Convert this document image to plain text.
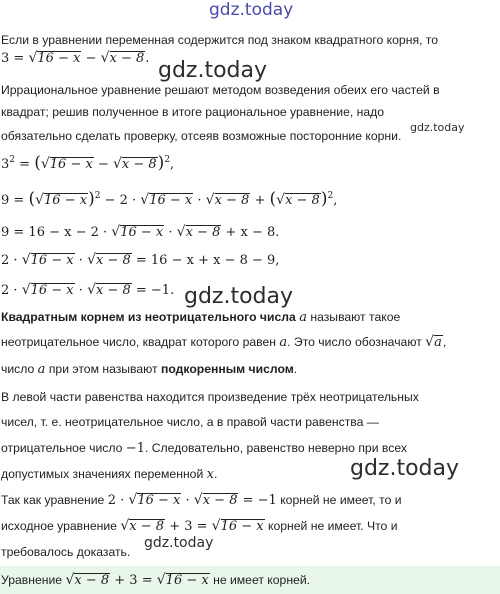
gdz.today
Если в уравнении переменная содержится под знаком квадратного корня, то
3 = √16 − x − √x − 8. gdz.today
Иррациональное уравнение решают методом возведения обеих его частей в
квадрат; решив полученное в итоге рациональное уравнение, надо
gdz.today
обязательно сделать проверку, отсеяв возможные посторонние корни.
$3^2 = (√16 - x - √x - 8)^2$,
$9 = (√16 - x)^2 - 2 \cdot √16 - x \cdot √x - 8 + (√x - 8)^2$,
9 = 16 − x − 2 · √16 − x · √x − 8 + x − 8.
2 · √16 − x · √x − 8 = 16 − x + x − 8 − 9,
2 · √16 − x · √x − 8 = −1. gdz.today
Квадратным корнем из неотрицательного числа a называют такое
неотрицательное число, квадрат которого равен a. Это число обозначают √a,
число a при этом называют подкоренным числом.
В левой части равенства находится произведение трёх неотрицательных
чисел, т. е. неотрицательное число, а в правой части равенства —
отрицательное число −1. Следовательно, равенство неверно при всех
допустимых значениях переменной x.	gdz.today
Так как уравнение 2 · √16 − x · √x − 8 = −1 корней не имеет, то и
исходное уравнение √x − 8 + 3 = √16 − x корней не имеет. Что и
требовалось доказать.
gdz.today
Уравнение √x − 8 + 3 = √16 − x не имеет корней.
